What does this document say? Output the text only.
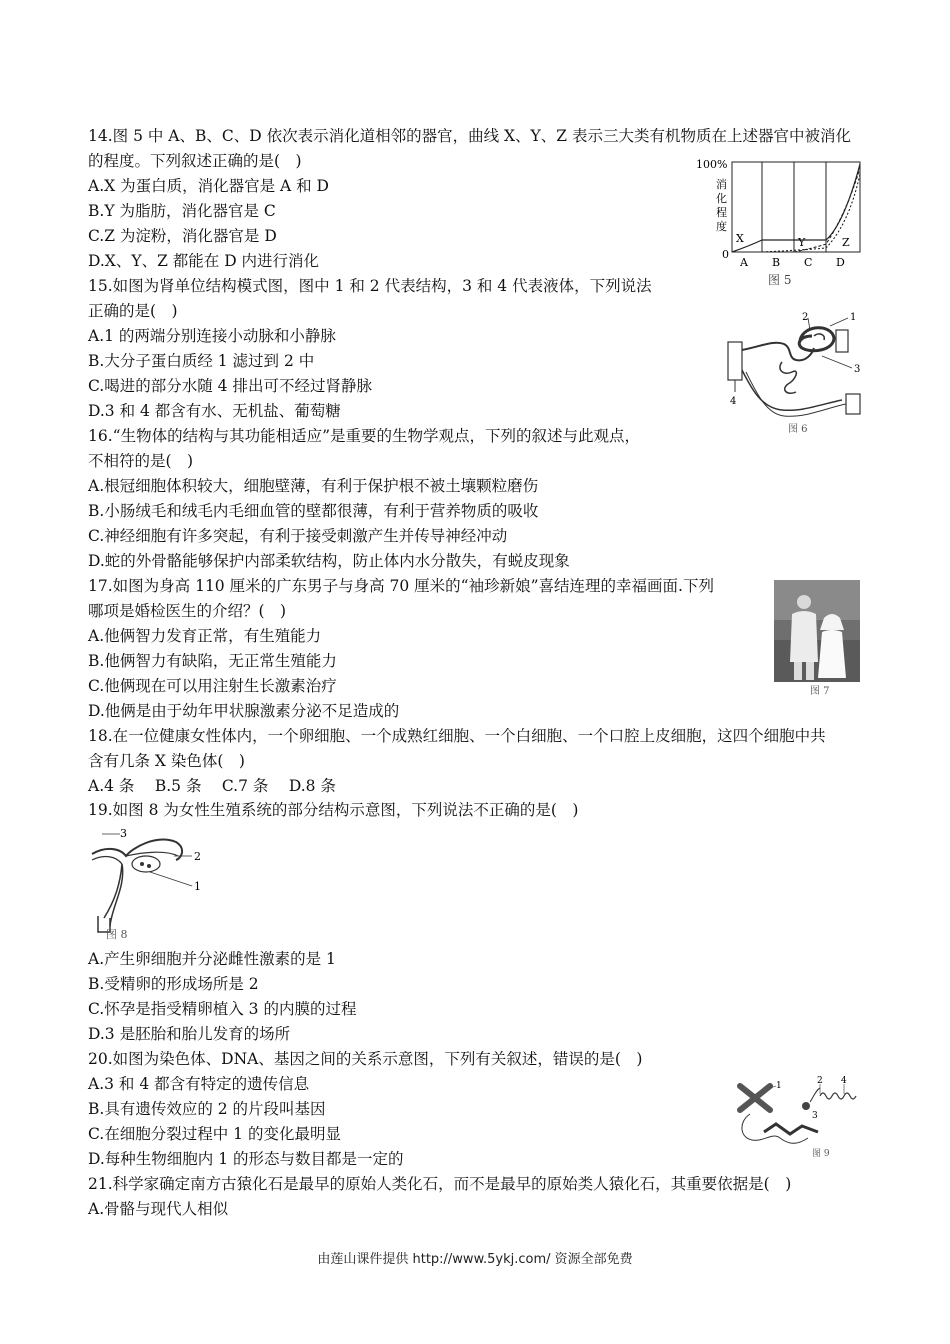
14.图 5 中 A、B、C、D 依次表示消化道相邻的器官，曲线 X、Y、Z 表示三大类有机物质在上述器官中被消化
的程度。下列叙述正确的是(　)
A.X 为蛋白质，消化器官是 A 和 D
B.Y 为脂肪，消化器官是 C
C.Z 为淀粉，消化器官是 D
D.X、Y、Z 都能在 D 内进行消化
100%
消
化
程
度
0
X	Y	Z
A B C D
图 5
15.如图为肾单位结构模式图，图中 1 和 2 代表结构，3 和 4 代表液体，下列说法
正确的是(　)
A.1 的两端分别连接小动脉和小静脉
B.大分子蛋白质经 1 滤过到 2 中
C.喝进的部分水随 4 排出可不经过肾静脉
D.3 和 4 都含有水、无机盐、葡萄糖
4
2	1
3
图 6
16.“生物体的结构与其功能相适应”是重要的生物学观点，下列的叙述与此观点，
不相符的是(　)
A.根冠细胞体积较大，细胞壁薄，有利于保护根不被土壤颗粒磨伤
B.小肠绒毛和绒毛内毛细血管的壁都很薄，有利于营养物质的吸收
C.神经细胞有许多突起，有利于接受刺激产生并传导神经冲动
D.蛇的外骨骼能够保护内部柔软结构，防止体内水分散失，有蜕皮现象
17.如图为身高 110 厘米的广东男子与身高 70 厘米的“袖珍新娘”喜结连理的幸福画面.下列
哪项是婚检医生的介绍？(　)
A.他俩智力发育正常，有生殖能力
B.他俩智力有缺陷，无正常生殖能力
C.他俩现在可以用注射生长激素治疗
D.他俩是由于幼年甲状腺激素分泌不足造成的
图 7
18.在一位健康女性体内，一个卵细胞、一个成熟红细胞、一个白细胞、一个口腔上皮细胞，这四个细胞中共
含有几条 X 染色体(　)
A.4 条　 B.5 条　 C.7 条　 D.8 条
19.如图 8 为女性生殖系统的部分结构示意图，下列说法不正确的是(　)
3
2
1
图 8
A.产生卵细胞并分泌雌性激素的是 1
B.受精卵的形成场所是 2
C.怀孕是指受精卵植入 3 的内膜的过程
D.3 是胚胎和胎儿发育的场所
20.如图为染色体、DNA、基因之间的关系示意图，下列有关叙述，错误的是(　)
A.3 和 4 都含有特定的遗传信息
B.具有遗传效应的 2 的片段叫基因
C.在细胞分裂过程中 1 的变化最明显
D.每种生物细胞内 1 的形态与数目都是一定的
1	2 4
3
图 9
21.科学家确定南方古猿化石是最早的原始人类化石，而不是最早的原始类人猿化石，其重要依据是(　)
A.骨骼与现代人相似
由莲山课件提供 http://www.5ykj.com/ 资源全部免费
